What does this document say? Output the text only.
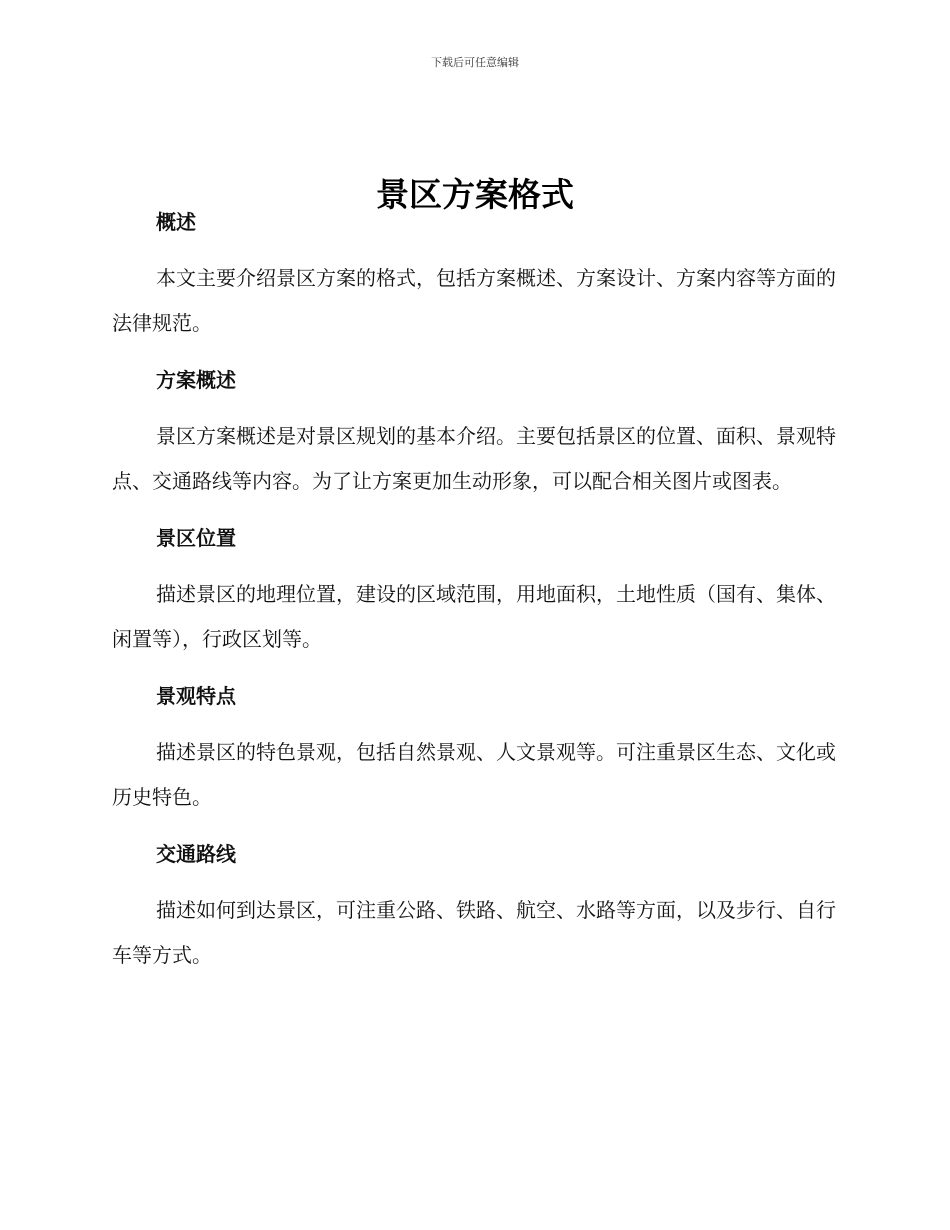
下载后可任意编辑
景区方案格式
概述

本文主要介绍景区方案的格式，包括方案概述、方案设计、方案内容等方面的法律规范。

方案概述

景区方案概述是对景区规划的基本介绍。主要包括景区的位置、面积、景观特点、交通路线等内容。为了让方案更加生动形象，可以配合相关图片或图表。

景区位置

描述景区的地理位置，建设的区域范围，用地面积，土地性质（国有、集体、闲置等），行政区划等。

景观特点

描述景区的特色景观，包括自然景观、人文景观等。可注重景区生态、文化或历史特色。

交通路线

描述如何到达景区，可注重公路、铁路、航空、水路等方面，以及步行、自行车等方式。
